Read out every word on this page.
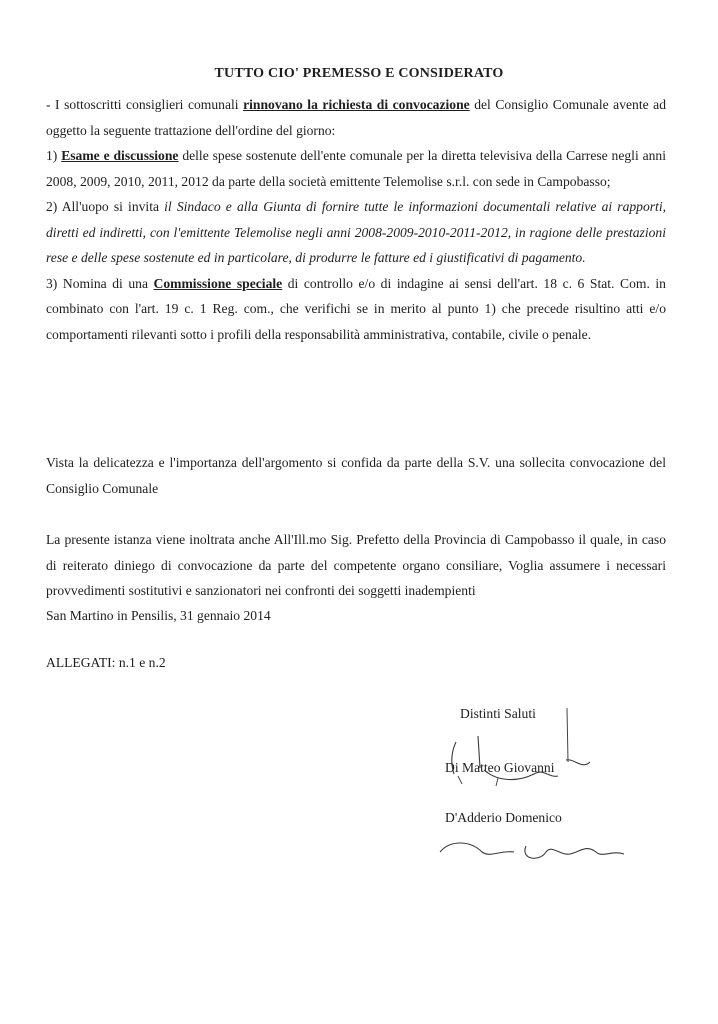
TUTTO CIO' PREMESSO E CONSIDERATO

- I sottoscritti consiglieri comunali rinnovano la richiesta di convocazione del Consiglio Comunale avente ad oggetto la seguente trattazione dell'ordine del giorno:

1) Esame e discussione delle spese sostenute dell'ente comunale per la diretta televisiva della Carrese negli anni 2008, 2009, 2010, 2011, 2012 da parte della società emittente Telemolise s.r.l. con sede in Campobasso;

2) All'uopo si invita il Sindaco e alla Giunta di fornire tutte le informazioni documentali relative ai rapporti, diretti ed indiretti, con l'emittente Telemolise negli anni 2008-2009-2010-2011-2012, in ragione delle prestazioni rese e delle spese sostenute ed in particolare, di produrre le fatture ed i giustificativi di pagamento.

3) Nomina di una Commissione speciale di controllo e/o di indagine ai sensi dell'art. 18 c. 6 Stat. Com. in combinato con l'art. 19 c. 1 Reg. com., che verifichi se in merito al punto 1) che precede risultino atti e/o comportamenti rilevanti sotto i profili della responsabilità amministrativa, contabile, civile o penale.

Vista la delicatezza e l'importanza dell'argomento si confida da parte della S.V. una sollecita convocazione del Consiglio Comunale

La presente istanza viene inoltrata anche All'Ill.mo Sig. Prefetto della Provincia di Campobasso il quale, in caso di reiterato diniego di convocazione da parte del competente organo consiliare, Voglia assumere i necessari provvedimenti sostitutivi e sanzionatori nei confronti dei soggetti inadempienti

San Martino in Pensilis, 31 gennaio 2014
ALLEGATI: n.1 e n.2
Distinti Saluti
Di Matteo Giovanni
D'Adderio Domenico
